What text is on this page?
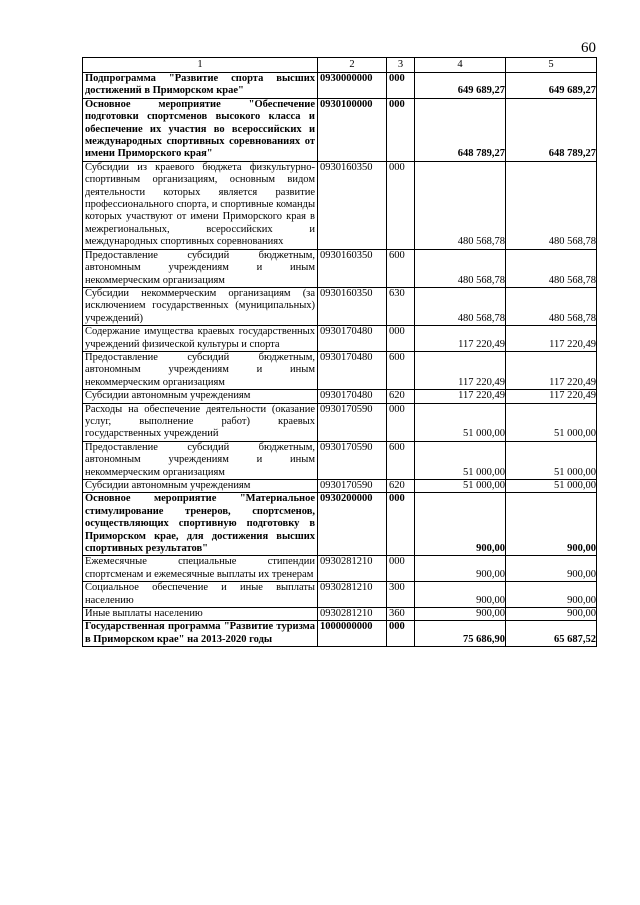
60
1	2	3	4	5
Подпрограмма "Развитие спорта высших достижений в Приморском крае"	0930000000	000	649 689,27	649 689,27
Основное мероприятие "Обеспечение подготовки спортсменов высокого класса и обеспечение их участия во всероссийских и международных спортивных соревнованиях от имени Приморского края"	0930100000	000	648 789,27	648 789,27
Субсидии из краевого бюджета физкультурно-спортивным организациям, основным видом деятельности которых является развитие профессионального спорта, и спортивные команды которых участвуют от имени Приморского края в межрегиональных, всероссийских и международных спортивных соревнованиях	0930160350	000	480 568,78	480 568,78
Предоставление субсидий бюджетным, автономным учреждениям и иным некоммерческим организациям	0930160350	600	480 568,78	480 568,78
Субсидии некоммерческим организациям (за исключением государственных (муниципальных) учреждений)	0930160350	630	480 568,78	480 568,78
Содержание имущества краевых государственных учреждений физической культуры и спорта	0930170480	000	117 220,49	117 220,49
Предоставление субсидий бюджетным, автономным учреждениям и иным некоммерческим организациям	0930170480	600	117 220,49	117 220,49
Субсидии автономным учреждениям	0930170480	620	117 220,49	117 220,49
Расходы на обеспечение деятельности (оказание услуг, выполнение работ) краевых государственных учреждений	0930170590	000	51 000,00	51 000,00
Предоставление субсидий бюджетным, автономным учреждениям и иным некоммерческим организациям	0930170590	600	51 000,00	51 000,00
Субсидии автономным учреждениям	0930170590	620	51 000,00	51 000,00
Основное мероприятие "Материальное стимулирование тренеров, спортсменов, осуществляющих спортивную подготовку в Приморском крае, для достижения высших спортивных результатов"	0930200000	000	900,00	900,00
Ежемесячные специальные стипендии спортсменам и ежемесячные выплаты их тренерам	0930281210	000	900,00	900,00
Социальное обеспечение и иные выплаты населению	0930281210	300	900,00	900,00
Иные выплаты населению	0930281210	360	900,00	900,00
Государственная программа "Развитие туризма в Приморском крае" на 2013-2020 годы	1000000000	000	75 686,90	65 687,52
